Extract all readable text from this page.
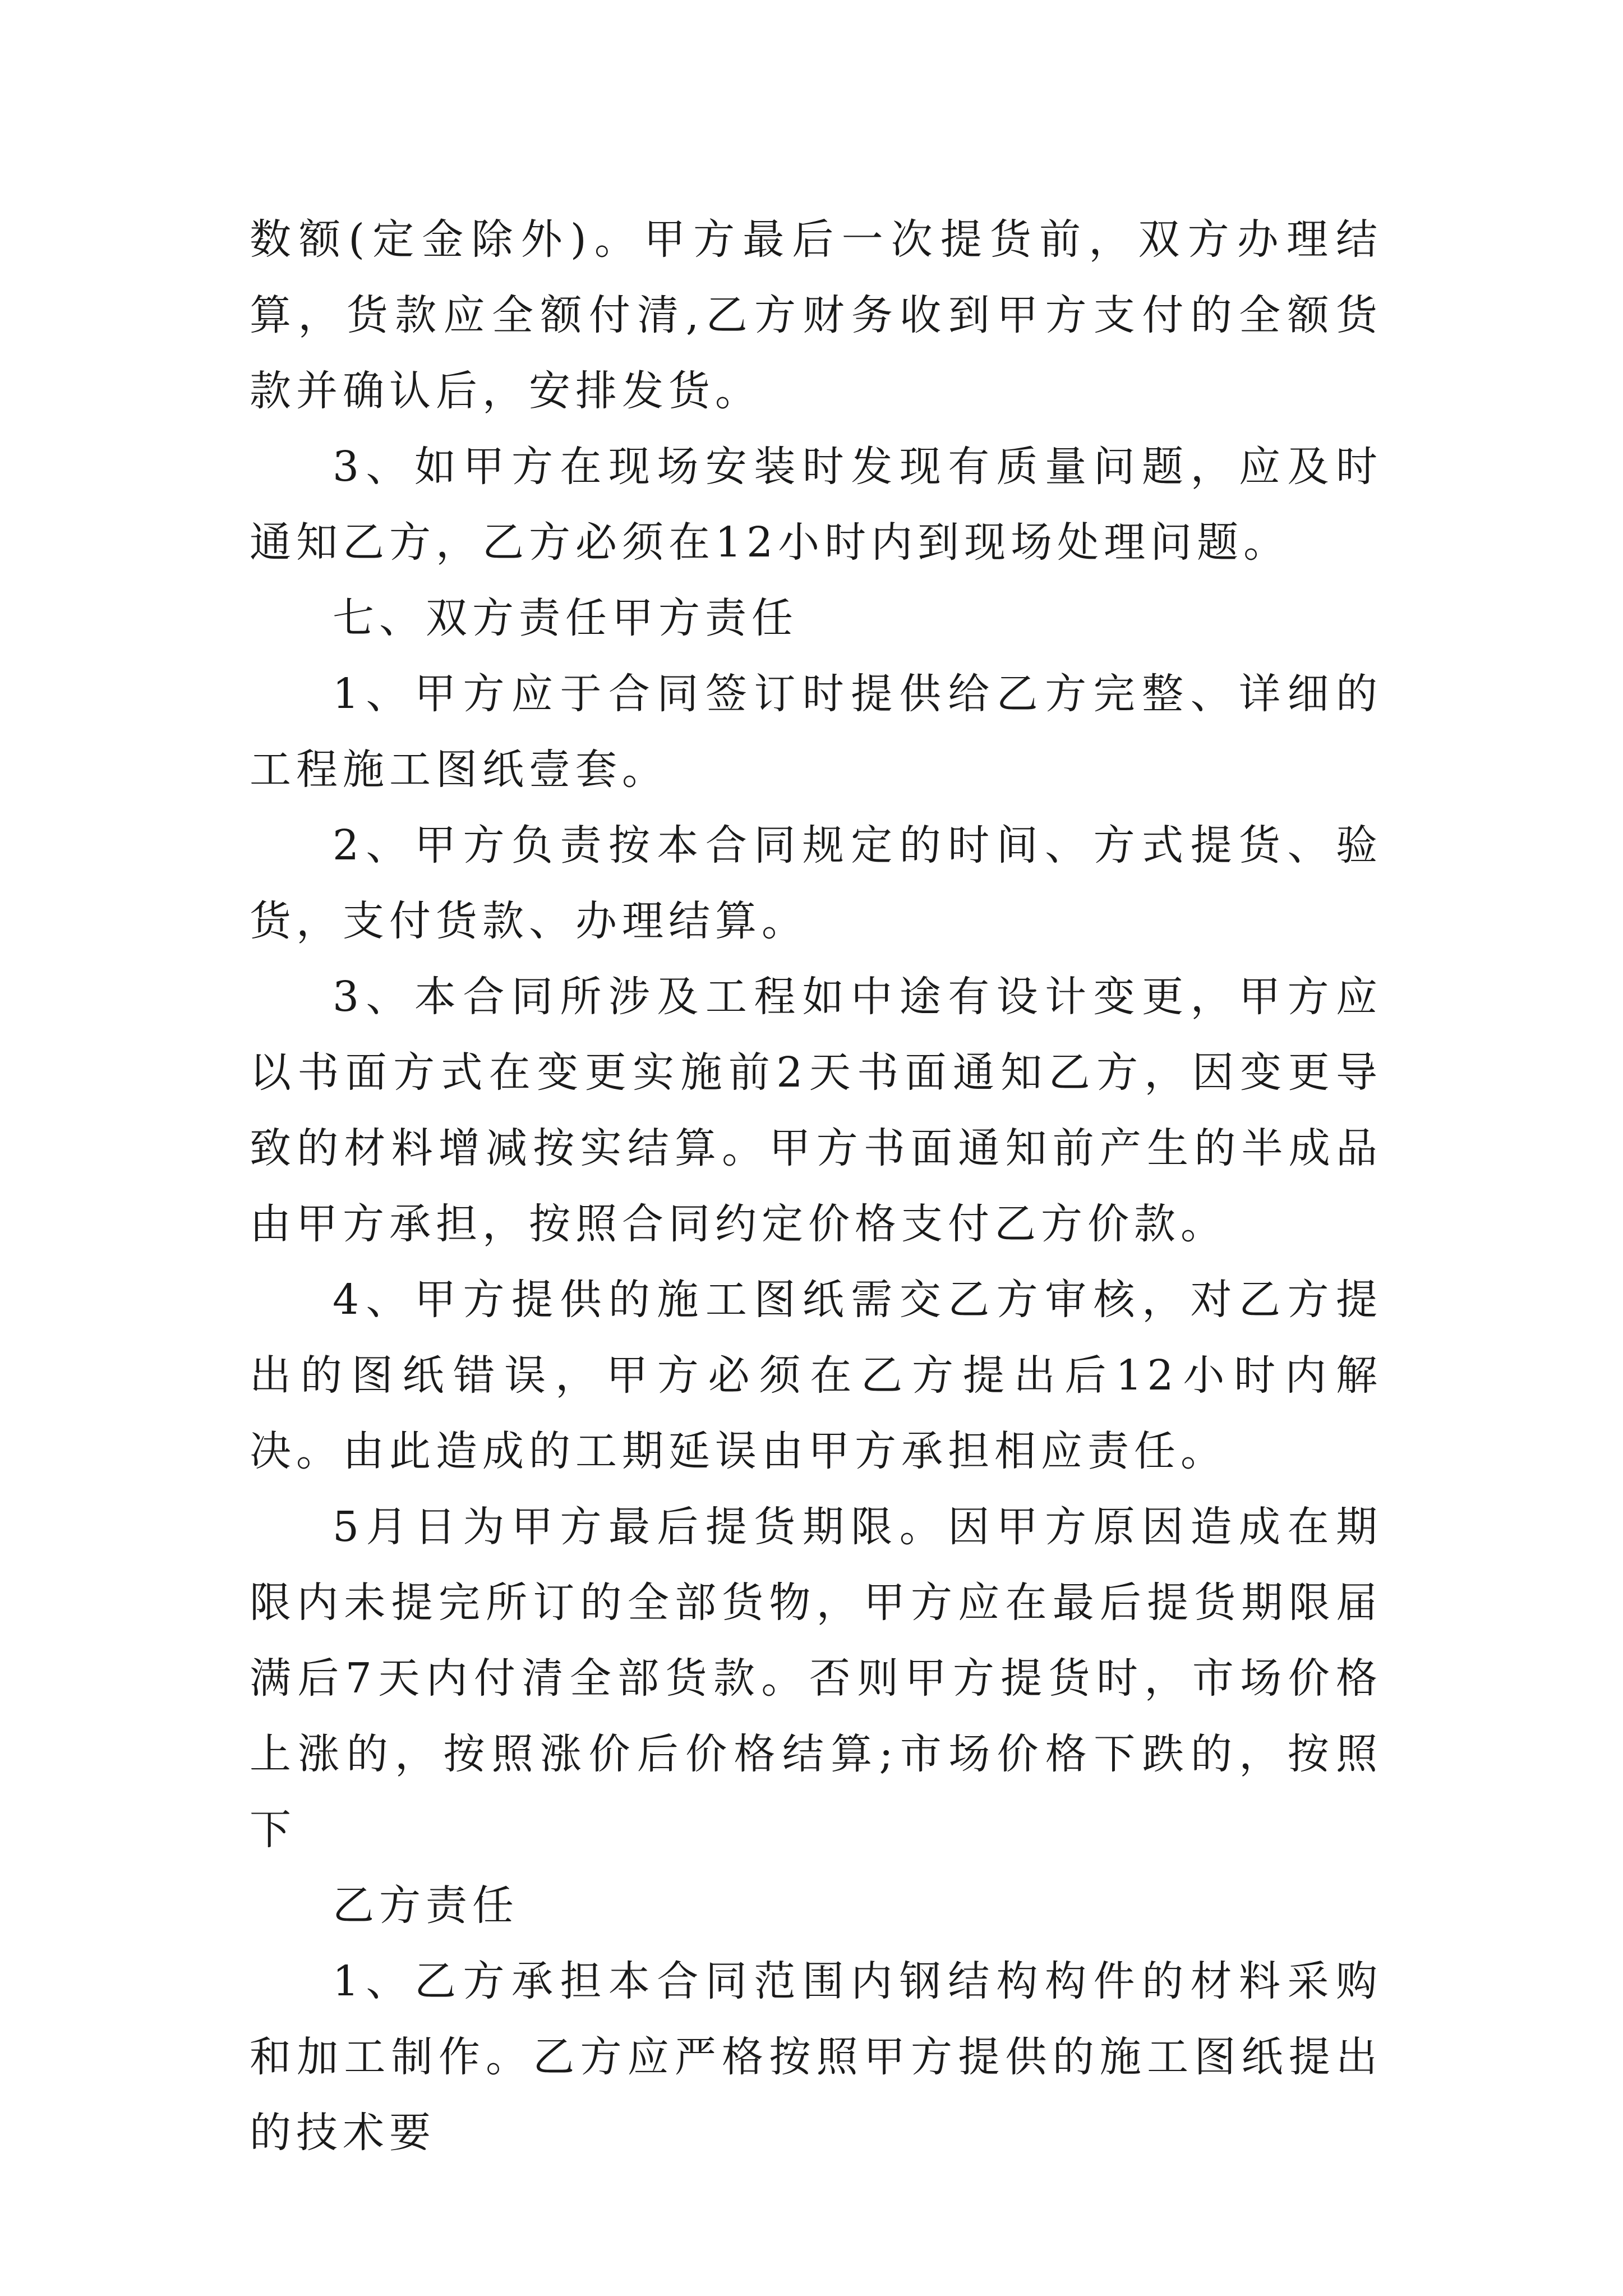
数额(定金除外)。甲方最后一次提货前，双方办理结算，货款应全额付清,乙方财务收到甲方支付的全额货款并确认后，安排发货。

3、如甲方在现场安装时发现有质量问题，应及时通知乙方，乙方必须在12小时内到现场处理问题。

七、双方责任甲方责任

1、甲方应于合同签订时提供给乙方完整、详细的工程施工图纸壹套。

2、甲方负责按本合同规定的时间、方式提货、验货，支付货款、办理结算。

3、本合同所涉及工程如中途有设计变更，甲方应以书面方式在变更实施前2天书面通知乙方，因变更导致的材料增减按实结算。甲方书面通知前产生的半成品由甲方承担，按照合同约定价格支付乙方价款。

4、甲方提供的施工图纸需交乙方审核，对乙方提出的图纸错误，甲方必须在乙方提出后12小时内解决。由此造成的工期延误由甲方承担相应责任。

5月日为甲方最后提货期限。因甲方原因造成在期限内未提完所订的全部货物，甲方应在最后提货期限届满后7天内付清全部货款。否则甲方提货时，市场价格上涨的，按照涨价后价格结算;市场价格下跌的，按照下

乙方责任

1、乙方承担本合同范围内钢结构构件的材料采购和加工制作。乙方应严格按照甲方提供的施工图纸提出的技术要
